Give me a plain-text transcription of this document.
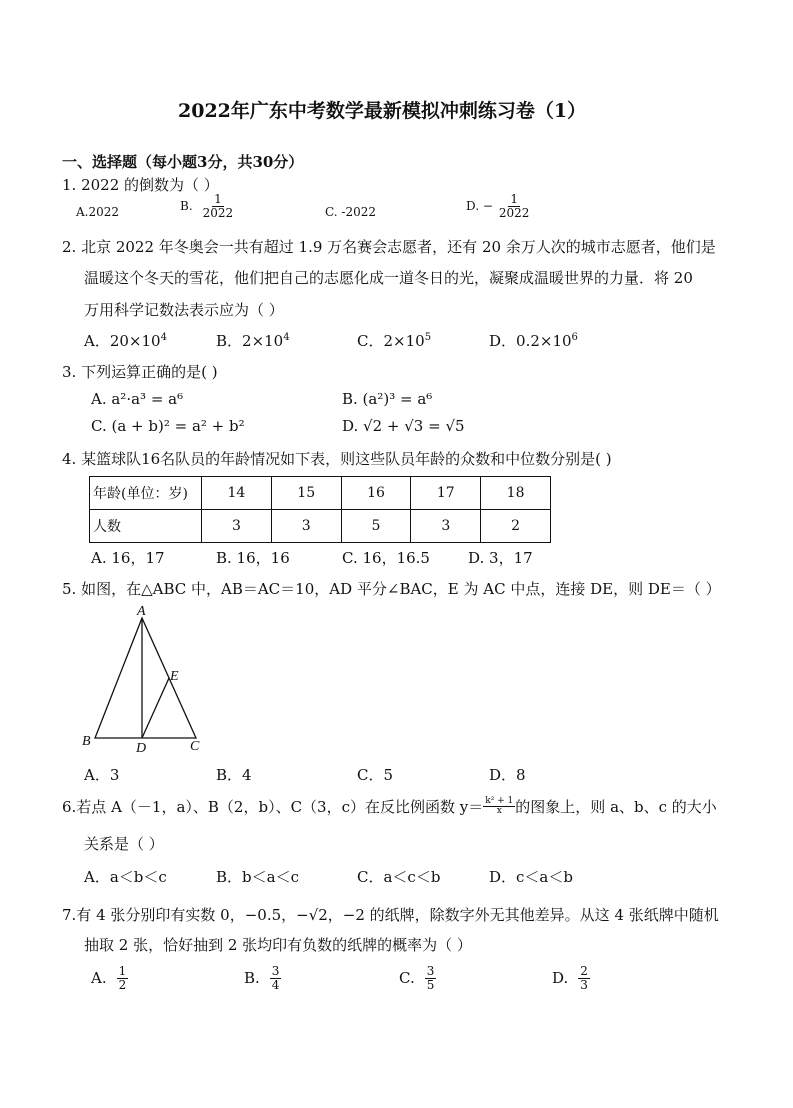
2022年广东中考数学最新模拟冲刺练习卷（1）
一、选择题（每小题3分，共30分）
1. 2022 的倒数为（ ）
A.2022	B. $\frac{1}{2022}$	C. -2022	D. − $\frac{1}{2022}$
2. 北京 2022 年冬奥会一共有超过 1.9 万名赛会志愿者，还有 20 余万人次的城市志愿者，他们是
温暖这个冬天的雪花，他们把自己的志愿化成一道冬日的光，凝聚成温暖世界的力量．将 20
万用科学记数法表示应为（ ）
A．$20\times 10^4$	B．$2\times 10^4$	C．$2\times 10^5$	D．$0.2\times 10^6$
3. 下列运算正确的是( )
A. a²·a³ = a⁶	B. (a²)³ = a⁶
C. (a + b)² = a² + b²	D. √2 + √3 = √5
4. 某篮球队16名队员的年龄情况如下表，则这些队员年龄的众数和中位数分别是( )
年龄(单位：岁)	14	15	16	17	18
人数	3	3	5	3	2
A. 16，17	B. 16，16	C. 16，16.5	D. 3，17
5. 如图，在△ABC 中，AB＝AC＝10，AD 平分∠BAC，E 为 AC 中点，连接 DE，则 DE＝（ ）
A
B	C
D
E
A．3	B．4	C．5	D．8
6.若点 A（－1，a）、B（2，b）、C（3，c）在反比例函数 $y= \frac{\text{k² + 1}}{x}$ 的图象上，则 a、b、c 的大小
关系是（ ）
A．a＜b＜c	B．b＜a＜c	C．a＜c＜b	D．c＜a＜b
7.有 4 张分别印有实数 0，−0.5，−√2，−2 的纸牌，除数字外无其他差异。从这 4 张纸牌中随机
抽取 2 张，恰好抽到 2 张均印有负数的纸牌的概率为（ ）
A. $\frac{1}{2}$	B. $\frac{3}{4}$	C. $\frac{3}{5}$	D. $\frac{2}{3}$
